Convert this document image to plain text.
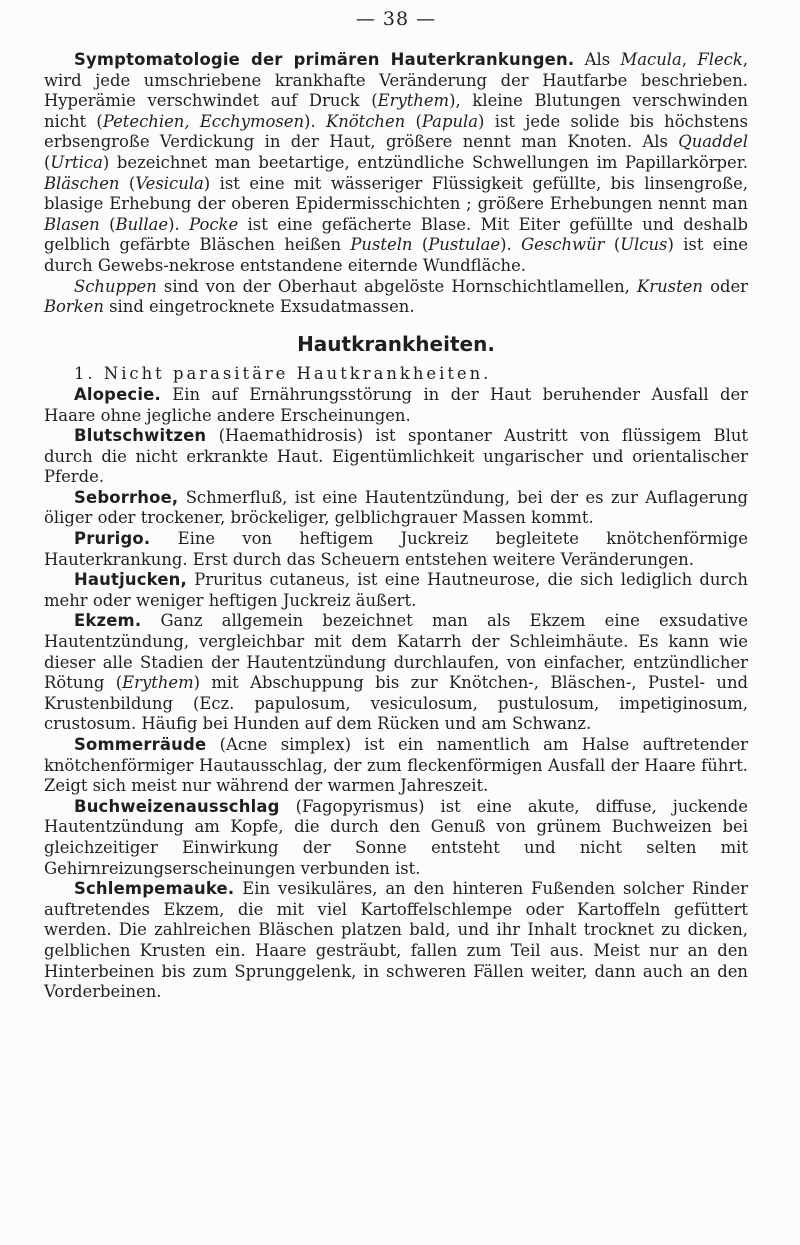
— 38 —

Symptomatologie der primären Hauterkrankungen. Als Macula, Fleck, wird jede umschriebene krankhafte Veränderung der Hautfarbe beschrieben. Hyperämie verschwindet auf Druck (Erythem), kleine Blutungen verschwinden nicht (Petechien, Ecchymosen). Knötchen (Papula) ist jede solide bis höchstens erbsengroße Verdickung in der Haut, größere nennt man Knoten. Als Quaddel (Urtica) bezeichnet man beetartige, entzündliche Schwellungen im Papillarkörper. Bläschen (Vesicula) ist eine mit wässeriger Flüssigkeit gefüllte, bis linsengroße, blasige Erhebung der oberen Epidermisschichten ; größere Erhebungen nennt man Blasen (Bullae). Pocke ist eine gefächerte Blase. Mit Eiter gefüllte und deshalb gelblich gefärbte Bläschen heißen Pusteln (Pustulae). Geschwür (Ulcus) ist eine durch Gewebs-nekrose entstandene eiternde Wundfläche.

Schuppen sind von der Oberhaut abgelöste Hornschichtlamellen, Krusten oder Borken sind eingetrocknete Exsudatmassen.

Hautkrankheiten.

1. Nicht parasitäre Hautkrankheiten.

Alopecie. Ein auf Ernährungsstörung in der Haut beruhender Ausfall der Haare ohne jegliche andere Erscheinungen.

Blutschwitzen (Haemathidrosis) ist spontaner Austritt von flüssigem Blut durch die nicht erkrankte Haut. Eigentümlichkeit ungarischer und orientalischer Pferde.

Seborrhoe, Schmerfluß, ist eine Hautentzündung, bei der es zur Auflagerung öliger oder trockener, bröckeliger, gelblichgrauer Massen kommt.

Prurigo. Eine von heftigem Juckreiz begleitete knötchenförmige Hauterkrankung. Erst durch das Scheuern entstehen weitere Veränderungen.

Hautjucken, Pruritus cutaneus, ist eine Hautneurose, die sich lediglich durch mehr oder weniger heftigen Juckreiz äußert.

Ekzem. Ganz allgemein bezeichnet man als Ekzem eine exsudative Hautentzündung, vergleichbar mit dem Katarrh der Schleimhäute. Es kann wie dieser alle Stadien der Hautentzündung durchlaufen, von einfacher, entzündlicher Rötung (Erythem) mit Abschuppung bis zur Knötchen-, Bläschen-, Pustel- und Krustenbildung (Ecz. papulosum, vesiculosum, pustulosum, impetiginosum, crustosum. Häufig bei Hunden auf dem Rücken und am Schwanz.

Sommerräude (Acne simplex) ist ein namentlich am Halse auftretender knötchenförmiger Hautausschlag, der zum fleckenförmigen Ausfall der Haare führt. Zeigt sich meist nur während der warmen Jahreszeit.

Buchweizenausschlag (Fagopyrismus) ist eine akute, diffuse, juckende Hautentzündung am Kopfe, die durch den Genuß von grünem Buchweizen bei gleichzeitiger Einwirkung der Sonne entsteht und nicht selten mit Gehirnreizungserscheinungen verbunden ist.

Schlempemauke. Ein vesikuläres, an den hinteren Fußenden solcher Rinder auftretendes Ekzem, die mit viel Kartoffelschlempe oder Kartoffeln gefüttert werden. Die zahlreichen Bläschen platzen bald, und ihr Inhalt trocknet zu dicken, gelblichen Krusten ein. Haare gesträubt, fallen zum Teil aus. Meist nur an den Hinterbeinen bis zum Sprunggelenk, in schweren Fällen weiter, dann auch an den Vorderbeinen.
